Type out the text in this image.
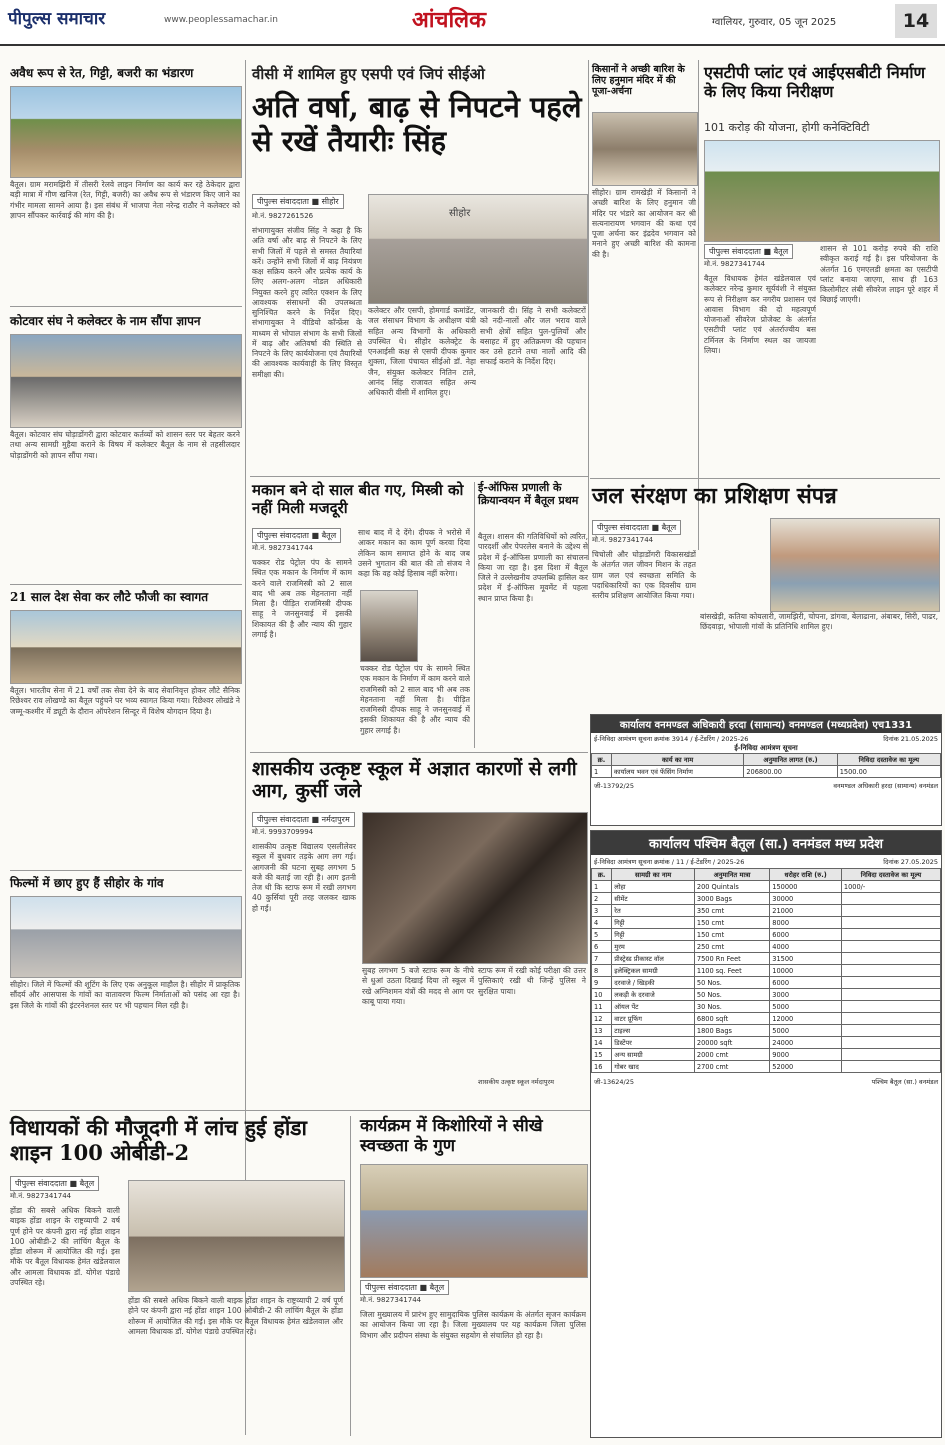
पीपुल्स समाचार	www.peoplessamachar.in	आंचलिक	ग्वालियर, गुरुवार, 05 जून 2025	14
अवैध रूप से रेत, गिट्टी, बजरी का भंडारण
बैतूल। ग्राम मरामझिरी में तीसरी रेलवे लाइन निर्माण का कार्य कर रहे ठेकेदार द्वारा बड़ी मात्रा में गौण खनिज (रेत, गिट्टी, बजरी) का अवैध रूप से भंडारण किए जाने का गंभीर मामला सामने आया है। इस संबंध में भाजपा नेता नरेन्द्र राठौर ने कलेक्टर को ज्ञापन सौंपकर कार्रवाई की मांग की है।
कोटवार संघ ने कलेक्टर के नाम सौंपा ज्ञापन
बैतूल। कोटवार संघ घोड़ाडोंगरी द्वारा कोटवार कर्तव्यों को शासन स्तर पर बेहतर करने तथा अन्य सामग्री मुहैया कराने के विषय में कलेक्टर बैतूल के नाम से तहसीलदार घोड़ाडोंगरी को ज्ञापन सौंपा गया।
21 साल देश सेवा कर लौटे फौजी का स्वागत
बैतूल। भारतीय सेना में 21 वर्षों तक सेवा देने के बाद सेवानिवृत्त होकर लौटे सैनिक रिछेश्वर राव लोखण्डे का बैतूल पहुंचने पर भव्य स्वागत किया गया। रिछेश्वर लोखंडे ने जम्मू-कश्मीर में ड्यूटी के दौरान ऑपरेशन सिन्दूर में विशेष योगदान दिया है।
फिल्मों में छाए हुए हैं सीहोर के गांव
सीहोर। जिले में फिल्मों की शूटिंग के लिए एक अनुकूल माहौल है। सीहोर में प्राकृतिक सौंदर्य और आसपास के गांवों का वातावरण फिल्म निर्माताओं को पसंद आ रहा है। इस जिले के गांवों की इंटरनेशनल स्तर पर भी पहचान मिल रही है।
विधायकों की मौजूदगी में लांच हुई होंडा शाइन 100 ओबीडी-2
पीपुल्स संवाददाता ■ बैतूल
मो.नं. 9827341744
होंडा की सबसे अधिक बिकने वाली बाइक होंडा शाइन के राष्ट्रव्यापी 2 वर्ष पूर्ण होने पर कंपनी द्वारा नई होंडा शाइन 100 ओबीडी-2 की लांचिंग बैतूल के होंडा शोरूम में आयोजित की गई। इस मौके पर बैतूल विधायक हेमंत खंडेलवाल और आमला विधायक डॉ. योगेश पंडाग्रे उपस्थित रहे।
होंडा की सबसे अधिक बिकने वाली बाइक होंडा शाइन के राष्ट्रव्यापी 2 वर्ष पूर्ण होने पर कंपनी द्वारा नई होंडा शाइन 100 ओबीडी-2 की लांचिंग बैतूल के होंडा शोरूम में आयोजित की गई। इस मौके पर बैतूल विधायक हेमंत खंडेलवाल और आमला विधायक डॉ. योगेश पंडाग्रे उपस्थित रहे।
वीसी में शामिल हुए एसपी एवं जिपं सीईओ
अति वर्षा, बाढ़ से निपटने पहले से रखें तैयारीः सिंह
पीपुल्स संवाददाता ■ सीहोर
मो.नं. 9827261526
संभागायुक्त संजीव सिंह ने कहा है कि अति वर्षा और बाढ़ से निपटने के लिए सभी जिलों में पहले से समस्त तैयारियां करें। उन्होंने सभी जिलों में बाढ़ नियंत्रण कक्ष सक्रिय करने और प्रत्येक कार्य के लिए अलग-अलग नोडल अधिकारी नियुक्त करने हुए त्वरित एक्शन के लिए आवश्यक संसाधनों की उपलब्धता सुनिश्चित करने के निर्देश दिए। संभागायुक्त ने वीडियो कॉन्फ्रेंस के माध्यम से भोपाल संभाग के सभी जिलों में बाढ़ और अतिवर्षा की स्थिति से निपटने के लिए कार्ययोजना एवं तैयारियों की आवश्यक कार्यवाही के लिए विस्तृत समीक्षा की।
सीहोर
कलेक्टर और एसपी, होमगार्ड कमांडेंट, जल संसाधन विभाग के अधीक्षण यंत्री सहित अन्य विभागों के अधिकारी उपस्थित थे। सीहोर कलेक्ट्रेट के एनआईसी कक्ष से एसपी दीपक कुमार शुक्ला, जिला पंचायत सीईओ डॉ. नेहा जैन, संयुक्त कलेक्टर नितिन टाले, आनंद सिंह राजावत सहित अन्य अधिकारी वीसी में शामिल हुए।
जानकारी दी। सिंह ने सभी कलेक्टरों को नदी-नालों और जल भराव वाले सभी क्षेत्रों सहित पुल-पुलियों और बसाहट में हुए अतिक्रमण की पहचान कर उसे हटाने तथा नालों आदि की सफाई कराने के निर्देश दिए।
मकान बने दो साल बीत गए, मिस्त्री को नहीं मिली मजदूरी
पीपुल्स संवाददाता ■ बैतूल
मो.नं. 9827341744
चक्कर रोड पेट्रोल पंप के सामने स्थित एक मकान के निर्माण में काम करने वाले राजमिस्त्री को 2 साल बाद भी अब तक मेहनताना नहीं मिला है। पीड़ित राजमिस्त्री दीपक साहू ने जनसुनवाई में इसकी शिकायत की है और न्याय की गुहार लगाई है।
साथ बाद में दे देंगे। दीपक ने भरोसे में आकर मकान का काम पूर्ण करवा दिया लेकिन काम समाप्त होने के बाद जब उसने भुगतान की बात की तो संजय ने कहा कि वह कोई हिसाब नहीं करेगा।
चक्कर रोड पेट्रोल पंप के सामने स्थित एक मकान के निर्माण में काम करने वाले राजमिस्त्री को 2 साल बाद भी अब तक मेहनताना नहीं मिला है। पीड़ित राजमिस्त्री दीपक साहू ने जनसुनवाई में इसकी शिकायत की है और न्याय की गुहार लगाई है।
ई-ऑफिस प्रणाली के क्रियान्वयन में बैतूल प्रथम
बैतूल। शासन की गतिविधियों को त्वरित, पारदर्शी और पेपरलेस बनाने के उद्देश्य से प्रदेश में ई-ऑफिस प्रणाली का संचालन किया जा रहा है। इस दिशा में बैतूल जिले ने उल्लेखनीय उपलब्धि हासिल कर प्रदेश में ई-ऑफिस मूवमेंट में पहला स्थान प्राप्त किया है।
शासकीय उत्कृष्ट स्कूल में अज्ञात कारणों से लगी आग, कुर्सी जले
पीपुल्स संवाददाता ■ नर्मदापुरम
मो.नं. 9993709994
शासकीय उत्कृष्ट विद्यालय एसलीलेवर स्कूल में बुधवार तड़के आग लग गई। आगजनी की घटना सुबह लगभग 5 बजे की बताई जा रही है। आग इतनी तेज थी कि स्टाफ रूम में रखी लगभग 40 कुर्सियां पूरी तरह जलकर खाक हो गईं।
सुबह लगभग 5 बजे स्टाफ रूम के नीचे से धुआं उठता दिखाई दिया तो स्कूल में रखे अग्निशमन यंत्रों की मदद से आग पर काबू पाया गया।
स्टाफ रूम में रखी कोई परीक्षा की उत्तर पुस्तिकाएं रखी थी जिन्हें पुलिस ने सुरक्षित पाया।
शासकीय उत्कृष्ट स्कूल नर्मदापुरम
कार्यक्रम में किशोरियों ने सीखे स्वच्छता के गुण
पीपुल्स संवाददाता ■ बैतूल
मो.नं. 9827341744
जिला मुख्यालय में प्रारंभ हुए सामुदायिक पुलिस कार्यक्रम के अंतर्गत सृजन कार्यक्रम का आयोजन किया जा रहा है। जिला मुख्यालय पर यह कार्यक्रम जिला पुलिस विभाग और प्रदीपन संस्था के संयुक्त सहयोग से संचालित हो रहा है।
किसानों ने अच्छी बारिश के लिए हनुमान मंदिर में की पूजा-अर्चना
सीहोर। ग्राम रामखेड़ी में किसानों ने अच्छी बारिश के लिए हनुमान जी मंदिर पर भंडारे का आयोजन कर श्री सत्यनारायण भगवान की कथा एवं पूजा अर्चना कर इंद्रदेव भगवान को मनाने हुए अच्छी बारिश की कामना की है।
एसटीपी प्लांट एवं आईएसबीटी निर्माण के लिए किया निरीक्षण
101 करोड़ की योजना, होगी कनेक्टिविटी
पीपुल्स संवाददाता ■ बैतूल
मो.नं. 9827341744
बैतूल विधायक हेमंत खंडेलवाल एवं कलेक्टर नरेन्द्र कुमार सूर्यवंशी ने संयुक्त रूप से निरीक्षण कर नगरीय प्रशासन एवं आवास विभाग की दो महत्वपूर्ण योजनाओं सीवरेज प्रोजेक्ट के अंतर्गत एसटीपी प्लांट एवं अंतर्राज्यीय बस टर्मिनल के निर्माण स्थल का जायजा लिया।
शासन से 101 करोड़ रुपये की राशि स्वीकृत कराई गई है। इस परियोजना के अंतर्गत 16 एमएलडी क्षमता का एसटीपी प्लांट बनाया जाएगा, साथ ही 163 किलोमीटर लंबी सीवरेज लाइन पूरे शहर में बिछाई जाएगी।
जल संरक्षण का प्रशिक्षण संपन्न
पीपुल्स संवाददाता ■ बैतूल
मो.नं. 9827341744
चिचोली और घोड़ाडोंगरी विकासखंडों के अंतर्गत जल जीवन मिशन के तहत ग्राम जल एवं स्वच्छता समिति के पदाधिकारियों का एक दिवसीय ग्राम स्तरीय प्रशिक्षण आयोजित किया गया।
बांसखेड़ी, कतिया कोयलारी, जामझिरी, चोपना, डांगवा, बेलाढाना, अंबाबर, सिरी, पाढर, छिंदवाड़ा, भोपाली गांवों के प्रतिनिधि शामिल हुए।
कार्यालय वनमण्डल अधिकारी हरदा (सामान्य) वनमण्डल (मध्यप्रदेश) एच1331
ई-निविदा आमंत्रण सूचना क्रमांक 3914 / ई-टेंडरिंग / 2025-26	दिनांक 21.05.2025
ई-निविदा आमंत्रण सूचना
क्र.	कार्य का नाम	अनुमानित लागत (रु.)	निविदा दस्तावेज का मूल्य
1	कार्यालय भवन एवं फेंसिंग निर्माण	206800.00	1500.00
जी-13792/25	वनमण्डल अधिकारी हरदा (सामान्य) वनमंडल
कार्यालय पश्चिम बैतूल (सा.) वनमंडल मध्य प्रदेश
ई-निविदा आमंत्रण सूचना क्रमांक / 11 / ई-टेंडरिंग / 2025-26	दिनांक 27.05.2025
क्र.	सामग्री का नाम	अनुमानित मात्रा	धरोहर राशि (रु.)	निविदा दस्तावेज का मूल्य
1	लोहा	200 Quintals	150000	1000/-
2	सीमेंट	3000 Bags	30000	
3	रेत	350 cmt	21000	
4	गिट्टी	150 cmt	8000	
5	गिट्टी	150 cmt	6000	
6	मुरम	250 cmt	4000	
7	प्रीस्ट्रेस्ड प्रीकास्ट वॉल	7500 Rn Feet	31500	
8	इलेक्ट्रिकल सामग्री	1100 sq. Feet	10000	
9	दरवाजे / खिड़की	50 Nos.	6000	
10	लकड़ी के दरवाजे	50 Nos.	3000	
11	ऑयल पेंट	30 Nos.	5000	
12	वाटर प्रूफिंग	6800 sqft	12000	
13	टाइल्स	1800 Bags	5000	
14	डिस्टेंपर	20000 sqft	24000	
15	अन्य सामग्री	2000 cmt	9000	
16	गोबर खाद	2700 cmt	52000	
जी-13624/25	पश्चिम बैतूल (सा.) वनमंडल
